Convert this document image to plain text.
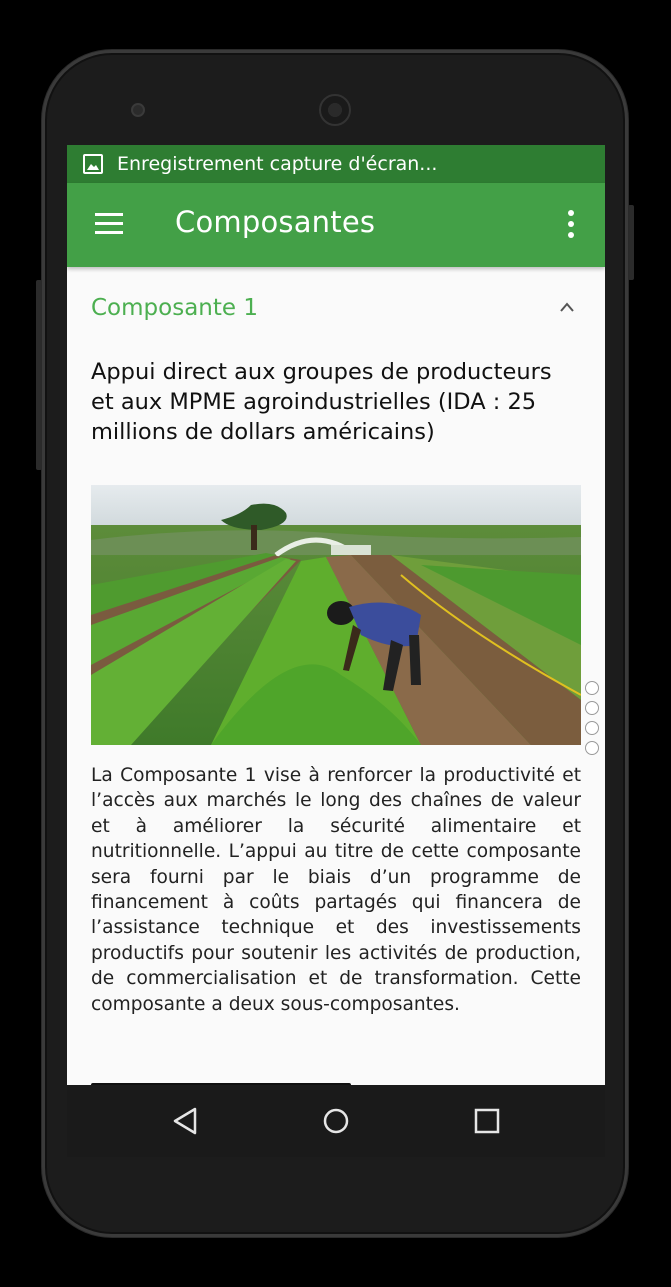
Enregistrement capture d'écran...
Composantes
Composante 1
Appui direct aux groupes de producteurs et aux MPME agroindustrielles (IDA : 25 millions de dollars américains)

La Composante 1 vise à renforcer la productivité et l’accès aux marchés le long des chaînes de valeur et à améliorer la sécurité alimentaire et nutritionnelle. L’appui au titre de cette composante sera fourni par le biais d’un programme de financement à coûts partagés qui financera de l’assistance technique et des investissements productifs pour soutenir les activités de production, de commercialisation et de transformation. Cette composante a deux sous-composantes.
